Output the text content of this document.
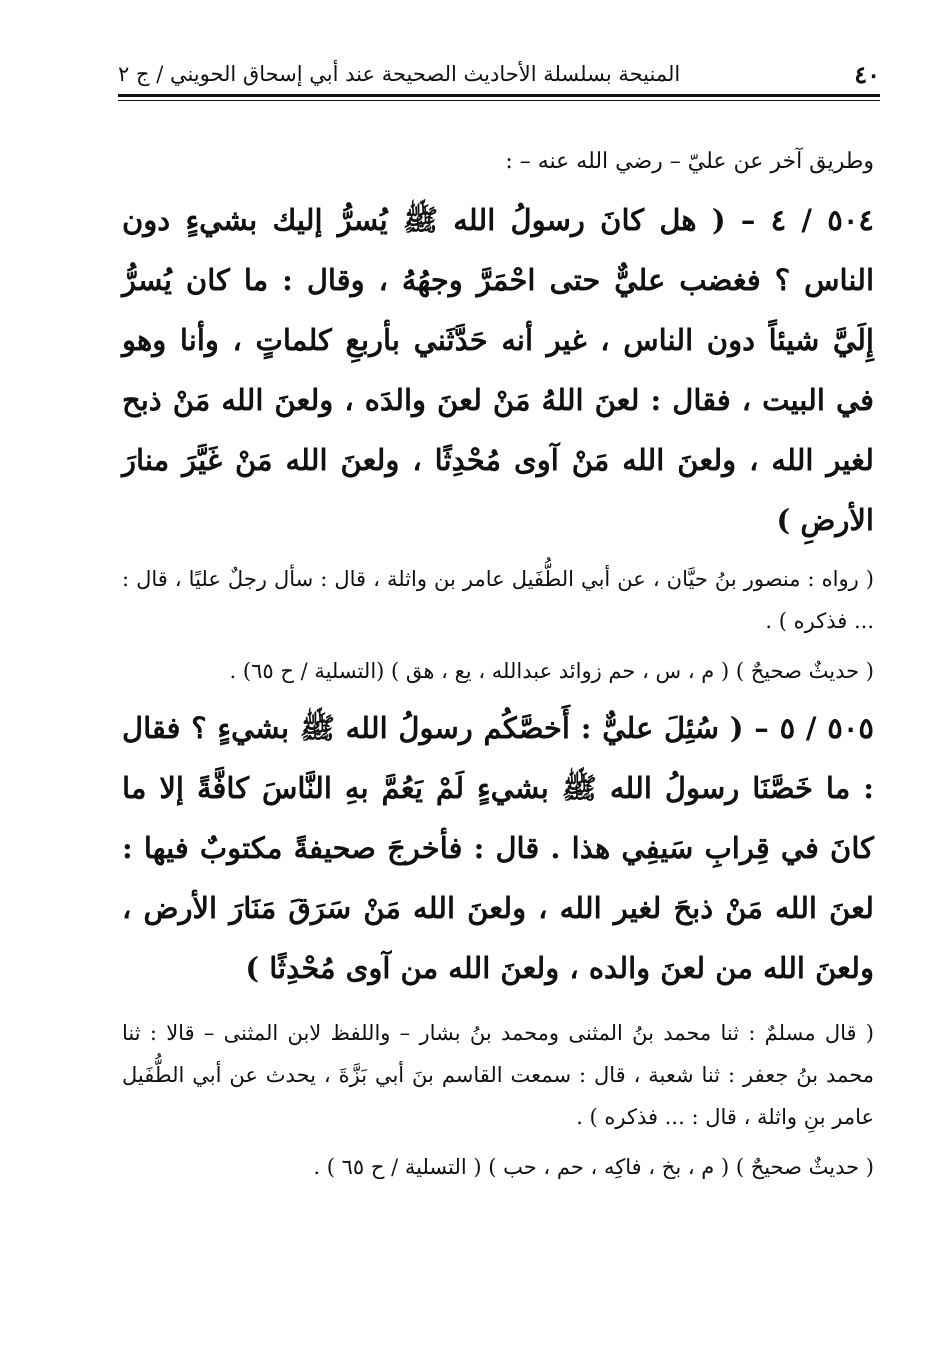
٤٠
المنيحة بسلسلة الأحاديث الصحيحة عند أبي إسحاق الحويني / ج ٢

وطريق آخر عن عليّ – رضي الله عنه – :

٥٠٤ / ٤ – ( هل كانَ رسولُ الله ﷺ يُسرُّ إليك بشيءٍ دون الناس ؟ فغضب عليٌّ حتى احْمَرَّ وجهُهُ ، وقال : ما كان يُسرُّ إِلَيَّ شيئاً دون الناس ، غير أنه حَدَّثَني بأربعِ كلماتٍ ، وأنا وهو في البيت ، فقال : لعنَ اللهُ مَنْ لعنَ والدَه ، ولعنَ الله مَنْ ذبح لغير الله ، ولعنَ الله مَنْ آوى مُحْدِثًا ، ولعنَ الله مَنْ غَيَّرَ منارَ الأرضِ )

( رواه : منصور بنُ حيَّان ، عن أبي الطُّفَيل عامر بن واثلة ، قال : سأل رجلٌ عليًا ، قال : ... فذكره ) .

( حديثٌ صحيحٌ ) ( م ، س ، حم زوائد عبدالله ، يع ، هق ) (التسلية / ح ٦٥) .

٥٠٥ / ٥ – ( سُئِلَ عليٌّ : أَخصَّكُم رسولُ الله ﷺ بشيءٍ ؟ فقال : ما خَصَّنَا رسولُ الله ﷺ بشيءٍ لَمْ يَعُمَّ بهِ النَّاسَ كافَّةً إلا ما كانَ في قِرابِ سَيفِي هذا . قال : فأخرجَ صحيفةً مكتوبٌ فيها : لعنَ الله مَنْ ذبحَ لغير الله ، ولعنَ الله مَنْ سَرَقَ مَنَارَ الأرض ، ولعنَ الله من لعنَ والده ، ولعنَ الله من آوى مُحْدِثًا )

( قال مسلمٌ : ثنا محمد بنُ المثنى ومحمد بنُ بشار – واللفظ لابن المثنى – قالا : ثنا محمد بنُ جعفر : ثنا شعبة ، قال : سمعت القاسم بنَ أبي بَزَّةَ ، يحدث عن أبي الطُّفَيل عامر بنِ واثلة ، قال : ... فذكره ) .

( حديثٌ صحيحٌ ) ( م ، بخ ، فاكِه ، حم ، حب ) ( التسلية / ح ٦٥ ) .
